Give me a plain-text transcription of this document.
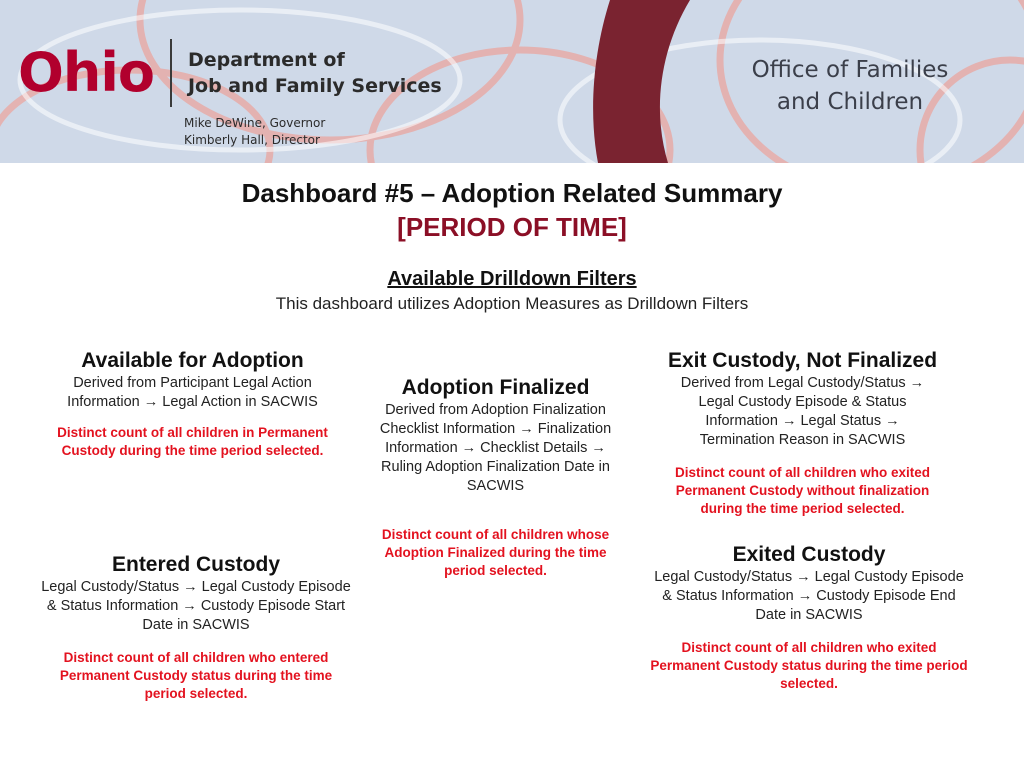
Ohio Department of
Job and Family Services
Mike DeWine, Governor
Kimberly Hall, Director
Office of Families
and Children
Dashboard #5 – Adoption Related Summary
[PERIOD OF TIME]
Available Drilldown Filters
This dashboard utilizes Adoption Measures as Drilldown Filters
Available for Adoption
Derived from Participant Legal Action Information → Legal Action in SACWIS
Distinct count of all children in Permanent Custody during the time period selected.
Adoption Finalized
Derived from Adoption Finalization Checklist Information → Finalization Information → Checklist Details → Ruling Adoption Finalization Date in SACWIS
Distinct count of all children whose Adoption Finalized during the time period selected.
Exit Custody, Not Finalized
Derived from Legal Custody/Status → Legal Custody Episode & Status Information → Legal Status → Termination Reason in SACWIS
Distinct count of all children who exited Permanent Custody without finalization during the time period selected.
Entered Custody
Legal Custody/Status → Legal Custody Episode & Status Information → Custody Episode Start Date in SACWIS
Distinct count of all children who entered Permanent Custody status during the time period selected.
Exited Custody
Legal Custody/Status → Legal Custody Episode & Status Information → Custody Episode End Date in SACWIS
Distinct count of all children who exited Permanent Custody status during the time period selected.
